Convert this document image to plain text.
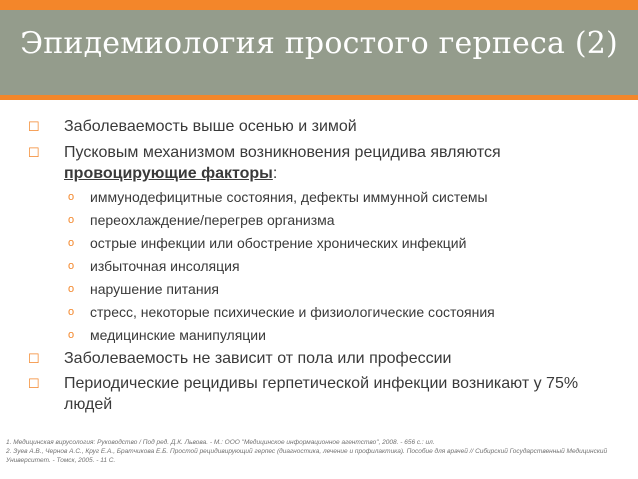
Эпидемиология простого герпеса (2)
☐	Заболеваемость выше осенью и зимой
☐	Пусковым механизмом возникновения рецидива являются провоцирующие факторы:
o	иммунодефицитные состояния, дефекты иммунной системы
o	переохлаждение/перегрев организма
o	острые инфекции или обострение хронических инфекций
o	избыточная инсоляция
o	нарушение питания
o	стресс, некоторые психические и физиологические состояния
o	медицинские манипуляции
☐	Заболеваемость не зависит от пола или профессии
☐	Периодические рецидивы герпетической инфекции возникают у 75% людей
1. Медицинская вирусология: Руководство / Под ред. Д.К. Львова. - М.: ООО "Медицинское информационное агентство", 2008. - 656 с.: ил.
2. Зуев А.В., Чернов А.С., Круг Е.А., Братчикова Е.Б. Простой рецидивирующий герпес (диагностика, лечение и профилактика). Пособие для врачей // Сибирский Государственный Медицинский Университет. - Томск, 2005. - 11 С.
